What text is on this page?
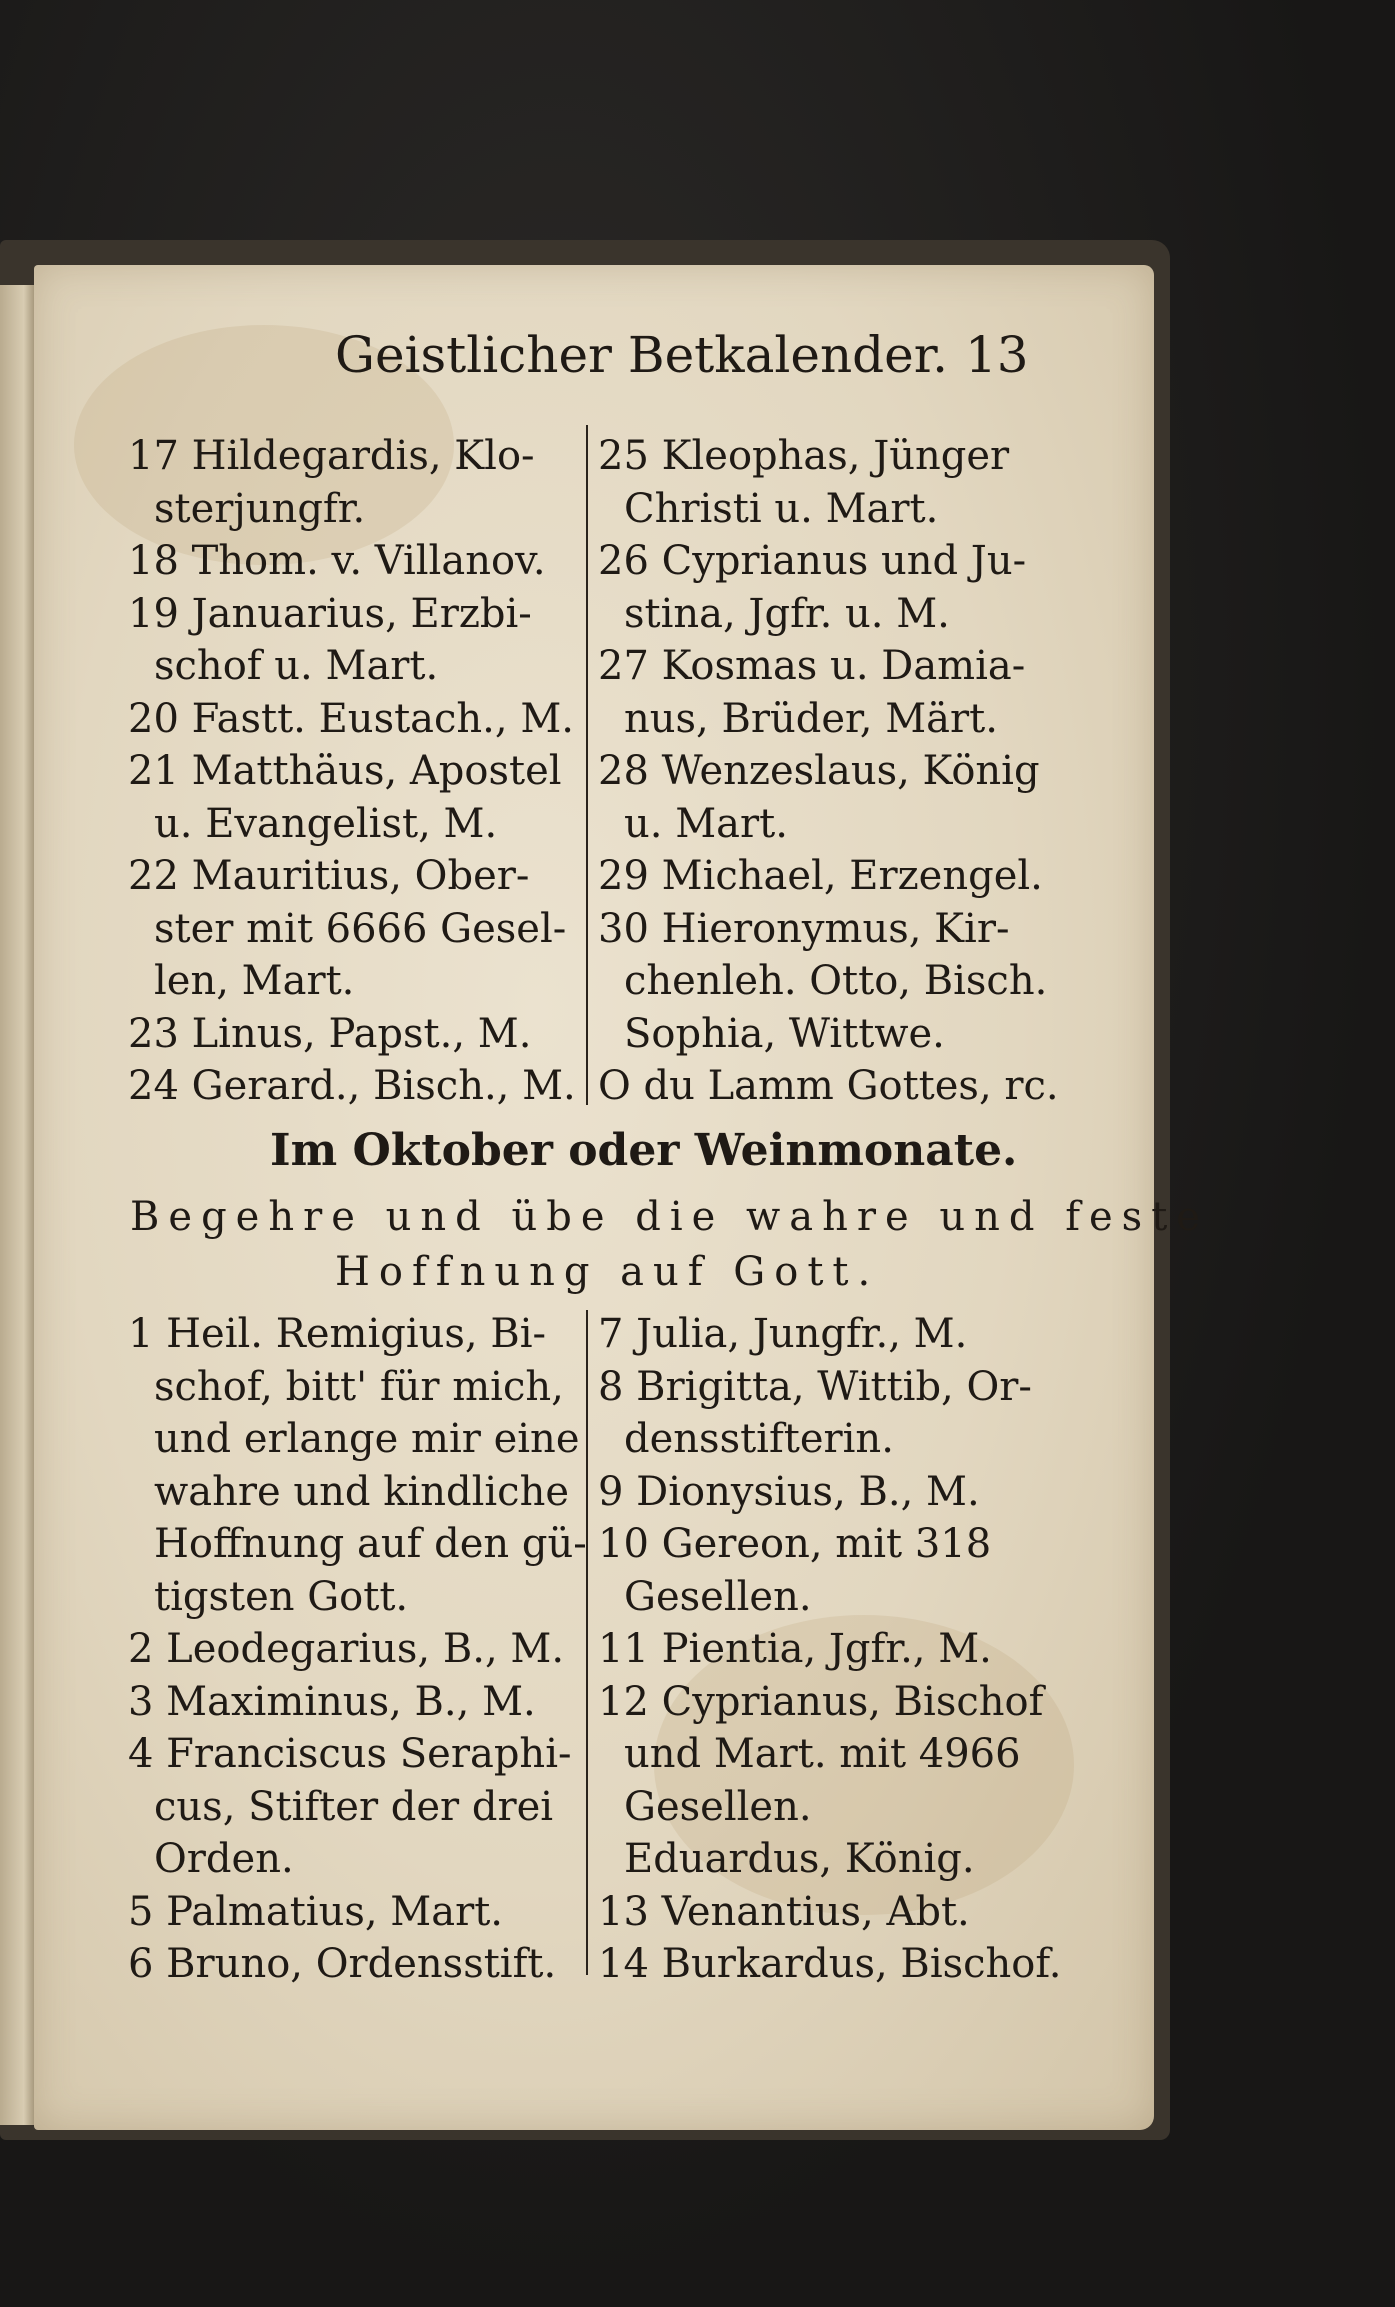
Geistlicher Betkalender. 13
17 Hildegardis, Klo-
sterjungfr.
18 Thom. v. Villanov.
19 Januarius, Erzbi-
schof u. Mart.
20 Fastt. Eustach., M.
21 Matthäus, Apostel
u. Evangelist, M.
22 Mauritius, Ober-
ster mit 6666 Gesel-
len, Mart.
23 Linus, Papst., M.
24 Gerard., Bisch., M.
25 Kleophas, Jünger
Christi u. Mart.
26 Cyprianus und Ju-
stina, Jgfr. u. M.
27 Kosmas u. Damia-
nus, Brüder, Märt.
28 Wenzeslaus, König
u. Mart.
29 Michael, Erzengel.
30 Hieronymus, Kir-
chenleh. Otto, Bisch.
Sophia, Wittwe.
O du Lamm Gottes, rc.
Im Oktober oder Weinmonate.
Begehre und übe die wahre und feste
Hoffnung auf Gott.
1 Heil. Remigius, Bi-
schof, bitt' für mich,
und erlange mir eine
wahre und kindliche
Hoffnung auf den gü-
tigsten Gott.
2 Leodegarius, B., M.
3 Maximinus, B., M.
4 Franciscus Seraphi-
cus, Stifter der drei
Orden.
5 Palmatius, Mart.
6 Bruno, Ordensstift.
7 Julia, Jungfr., M.
8 Brigitta, Wittib, Or-
densstifterin.
9 Dionysius, B., M.
10 Gereon, mit 318
Gesellen.
11 Pientia, Jgfr., M.
12 Cyprianus, Bischof
und Mart. mit 4966
Gesellen.
Eduardus, König.
13 Venantius, Abt.
14 Burkardus, Bischof.
